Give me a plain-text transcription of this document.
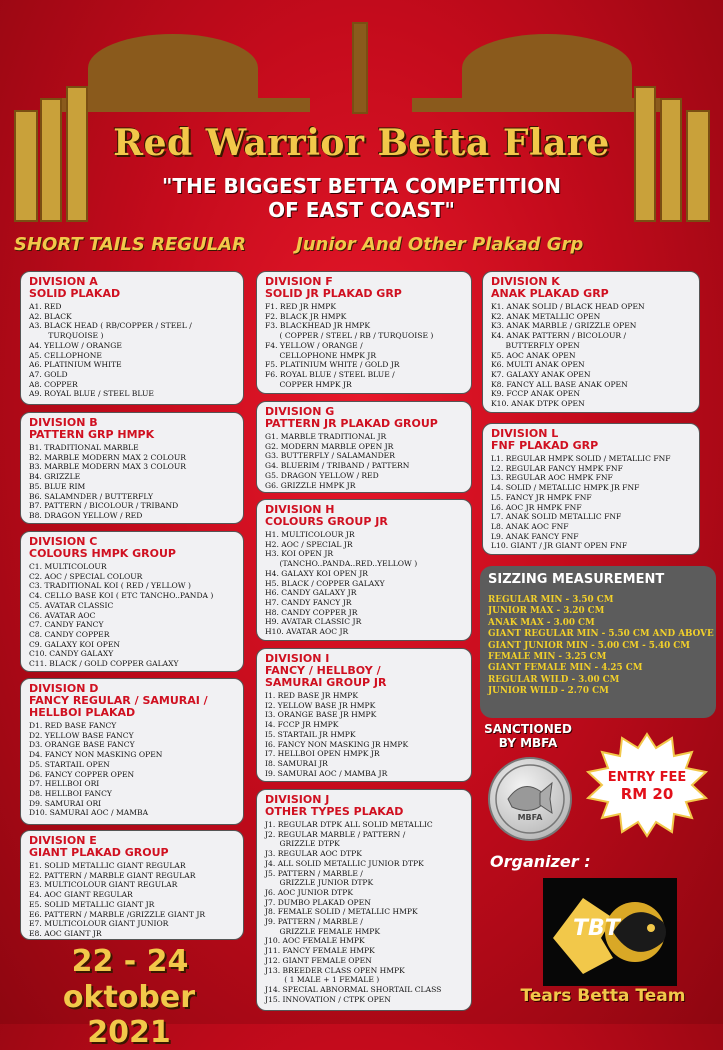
Red Warrior Betta Flare
"THE BIGGEST BETTA COMPETITION
OF EAST COAST"
SHORT TAILS REGULAR	Junior And Other Plakad Grp
DIVISION A
SOLID PLAKAD
A1. RED
A2. BLACK
A3. BLACK HEAD ( RB/COPPER / STEEL /
TURQUOISE )
A4. YELLOW / ORANGE
A5. CELLOPHONE
A6. PLATINIUM WHITE
A7. GOLD
A8. COPPER
A9. ROYAL BLUE / STEEL BLUE
DIVISION B
PATTERN GRP HMPK
B1. TRADITIONAL MARBLE
B2. MARBLE MODERN MAX 2 COLOUR
B3. MARBLE MODERN MAX 3 COLOUR
B4. GRIZZLE
B5. BLUE RIM
B6. SALAMNDER / BUTTERFLY
B7. PATTERN / BICOLOUR / TRIBAND
B8. DRAGON YELLOW / RED
DIVISION C
COLOURS HMPK GROUP
C1. MULTICOLOUR
C2. AOC / SPECIAL COLOUR
C3. TRADITIONAL KOI ( RED / YELLOW )
C4. CELLO BASE KOI ( ETC TANCHO..PANDA )
C5. AVATAR CLASSIC
C6. AVATAR AOC
C7. CANDY FANCY
C8. CANDY COPPER
C9. GALAXY KOI OPEN
C10. CANDY GALAXY
C11. BLACK / GOLD COPPER GALAXY
DIVISION D
FANCY REGULAR / SAMURAI /
HELLBOI PLAKAD
D1. RED BASE FANCY
D2. YELLOW BASE FANCY
D3. ORANGE BASE FANCY
D4. FANCY NON MASKING OPEN
D5. STARTAIL OPEN
D6. FANCY COPPER OPEN
D7. HELLBOI ORI
D8. HELLBOI FANCY
D9. SAMURAI ORI
D10. SAMURAI AOC / MAMBA
DIVISION E
GIANT PLAKAD GROUP
E1. SOLID METALLIC GIANT REGULAR
E2. PATTERN / MARBLE GIANT REGULAR
E3. MULTICOLOUR GIANT REGULAR
E4. AOC GIANT REGULAR
E5. SOLID METALLIC GIANT JR
E6. PATTERN / MARBLE /GRIZZLE GIANT JR
E7. MULTICOLOUR GIANT JUNIOR
E8. AOC GIANT JR
DIVISION F
SOLID JR PLAKAD GRP
F1. RED JR HMPK
F2. BLACK JR HMPK
F3. BLACKHEAD JR HMPK
( COPPER / STEEL / RB / TURQUOISE )
F4. YELLOW / ORANGE /
CELLOPHONE HMPK JR
F5. PLATINIUM WHITE / GOLD JR
F6. ROYAL BLUE / STEEL BLUE /
COPPER HMPK JR
DIVISION G
PATTERN JR PLAKAD GROUP
G1. MARBLE TRADITIONAL JR
G2. MODERN MARBLE OPEN JR
G3. BUTTERFLY / SALAMANDER
G4. BLUERIM / TRIBAND / PATTERN
G5. DRAGON YELLOW / RED
G6. GRIZZLE HMPK JR
DIVISION H
COLOURS GROUP JR
H1. MULTICOLOUR JR
H2. AOC / SPECIAL JR
H3. KOI OPEN JR
(TANCHO..PANDA..RED..YELLOW )
H4. GALAXY KOI OPEN JR
H5. BLACK / COPPER GALAXY
H6. CANDY GALAXY JR
H7. CANDY FANCY JR
H8. CANDY COPPER JR
H9. AVATAR CLASSIC JR
H10. AVATAR AOC JR
DIVISION I
FANCY / HELLBOY /
SAMURAI GROUP JR
I1. RED BASE JR HMPK
I2. YELLOW BASE JR HMPK
I3. ORANGE BASE JR HMPK
I4. FCCP JR HMPK
I5. STARTAIL JR HMPK
I6. FANCY NON MASKING JR HMPK
I7. HELLBOI OPEN HMPK JR
I8. SAMURAI JR
I9. SAMURAI AOC / MAMBA JR
DIVISION J
OTHER TYPES PLAKAD
J1. REGULAR DTPK ALL SOLID METALLIC
J2. REGULAR MARBLE / PATTERN /
GRIZZLE DTPK
J3. REGULAR AOC DTPK
J4. ALL SOLID METALLIC JUNIOR DTPK
J5. PATTERN / MARBLE /
GRIZZLE JUNIOR DTPK
J6. AOC JUNIOR DTPK
J7. DUMBO PLAKAD OPEN
J8. FEMALE SOLID / METALLIC HMPK
J9. PATTERN / MARBLE /
GRIZZLE FEMALE HMPK
J10. AOC FEMALE HMPK
J11. FANCY FEMALE HMPK
J12. GIANT FEMALE OPEN
J13. BREEDER CLASS OPEN HMPK
( 1 MALE + 1 FEMALE )
J14. SPECIAL ABNORMAL SHORTAIL CLASS
J15. INNOVATION / CTPK OPEN
DIVISION K
ANAK PLAKAD GRP
K1. ANAK SOLID / BLACK HEAD OPEN
K2. ANAK METALLIC OPEN
K3. ANAK MARBLE / GRIZZLE OPEN
K4. ANAK PATTERN / BICOLOUR /
BUTTERFLY OPEN
K5. AOC ANAK OPEN
K6. MULTI ANAK OPEN
K7. GALAXY ANAK OPEN
K8. FANCY ALL BASE ANAK OPEN
K9. FCCP ANAK OPEN
K10. ANAK DTPK OPEN
DIVISION L
FNF PLAKAD GRP
L1. REGULAR HMPK SOLID / METALLIC FNF
L2. REGULAR FANCY HMPK FNF
L3. REGULAR AOC HMPK FNF
L4. SOLID / METALLIC HMPK JR FNF
L5. FANCY JR HMPK FNF
L6. AOC JR HMPK FNF
L7. ANAK SOLID METALLIC FNF
L8. ANAK AOC FNF
L9. ANAK FANCY FNF
L10. GIANT / JR GIANT OPEN FNF
SIZZING MEASUREMENT
REGULAR MIN - 3.50 CM
JUNIOR MAX - 3.20 CM
ANAK MAX - 3.00 CM
GIANT REGULAR MIN - 5.50 CM AND ABOVE
GIANT JUNIOR MIN - 5.00 CM - 5.40 CM
FEMALE MIN - 3.25 CM
GIANT FEMALE MIN - 4.25 CM
REGULAR WILD - 3.00 CM
JUNIOR WILD - 2.70 CM
SANCTIONED
BY MBFA
MBFA
ENTRY FEE
RM 20
Organizer :
TBT
Tears Betta Team
22 - 24
oktober 2021
